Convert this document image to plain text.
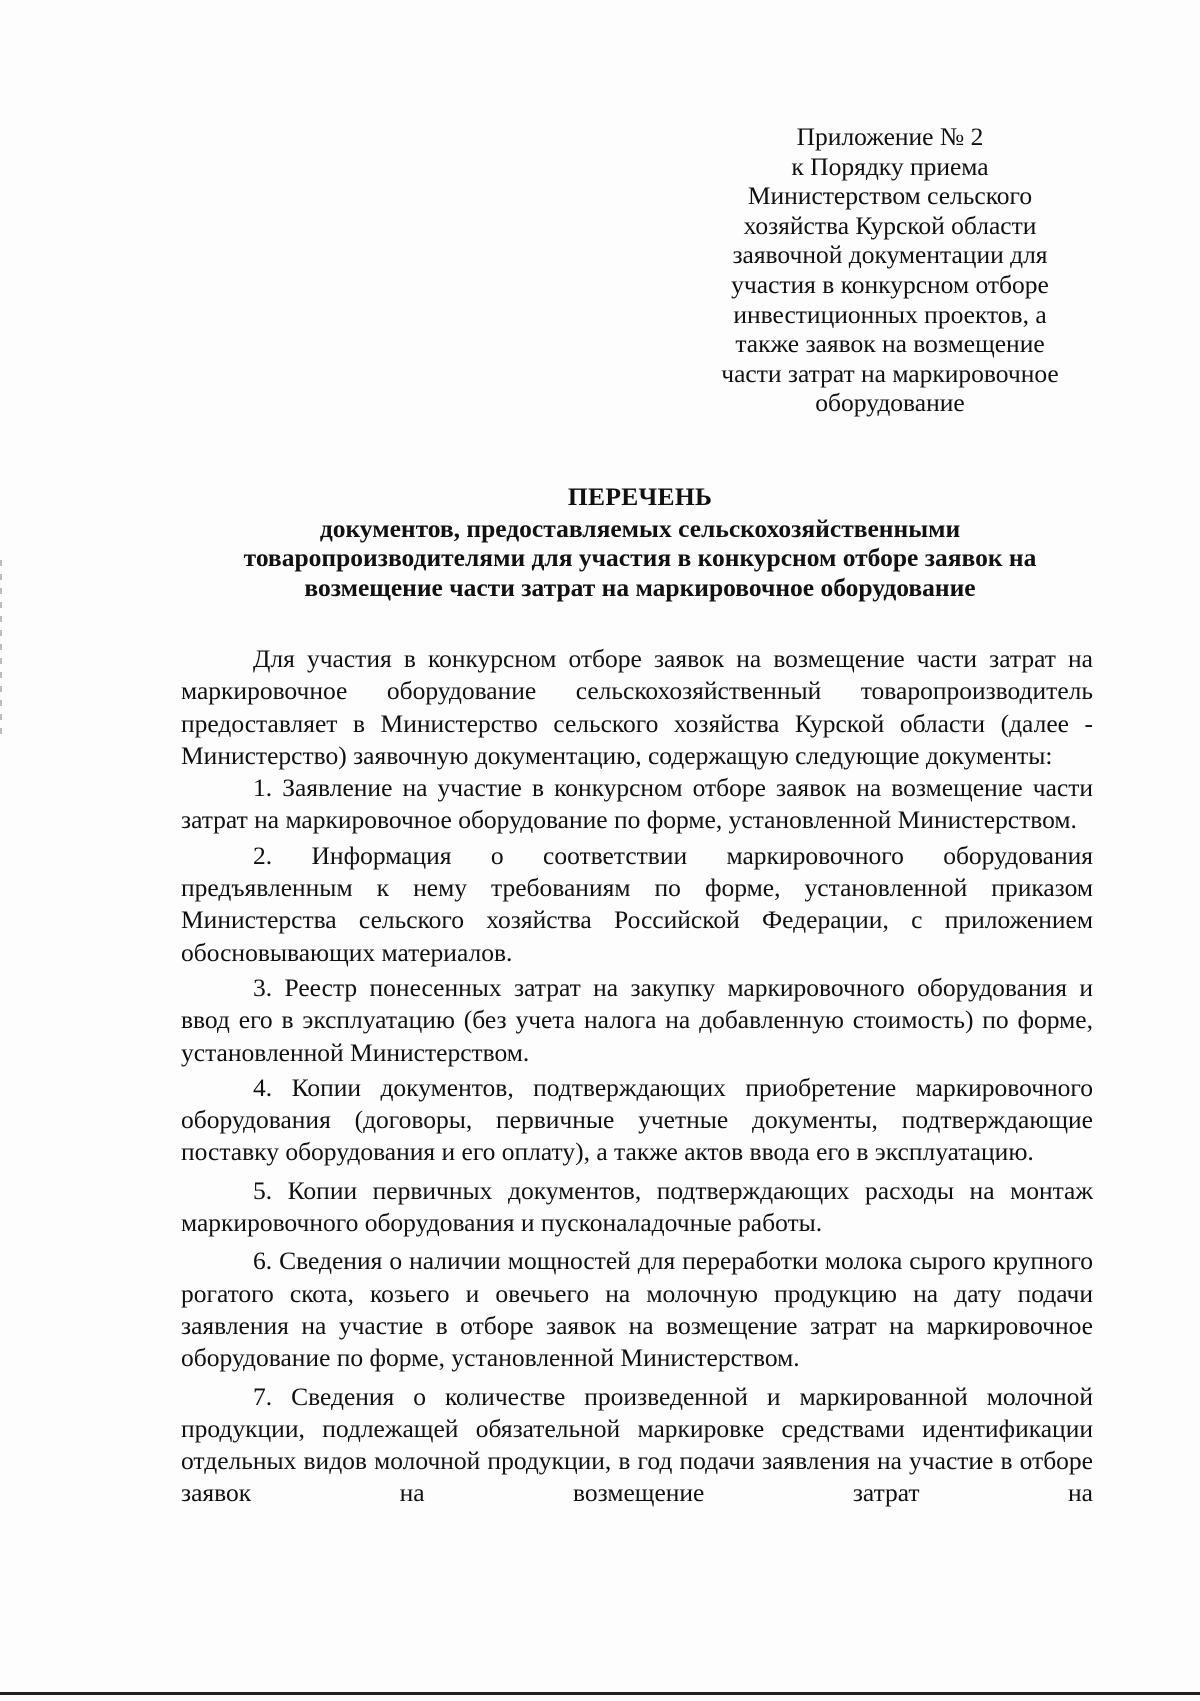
Приложение № 2
к Порядку приема
Министерством сельского
хозяйства Курской области
заявочной документации для
участия в конкурсном отборе
инвестиционных проектов, а
также заявок на возмещение
части затрат на маркировочное
оборудование
ПЕРЕЧЕНЬ
документов, предоставляемых сельскохозяйственными
товаропроизводителями для участия в конкурсном отборе заявок на
возмещение части затрат на маркировочное оборудование

Для участия в конкурсном отборе заявок на возмещение части затрат на маркировочное оборудование сельскохозяйственный товаропроизводитель предоставляет в Министерство сельского хозяйства Курской области (далее - Министерство) заявочную документацию, содержащую следующие документы:

1. Заявление на участие в конкурсном отборе заявок на возмещение части затрат на маркировочное оборудование по форме, установленной Министерством.

2. Информация о соответствии маркировочного оборудования предъявленным к нему требованиям по форме, установленной приказом Министерства сельского хозяйства Российской Федерации, с приложением обосновывающих материалов.

3. Реестр понесенных затрат на закупку маркировочного оборудования и ввод его в эксплуатацию (без учета налога на добавленную стоимость) по форме, установленной Министерством.

4. Копии документов, подтверждающих приобретение маркировочного оборудования (договоры, первичные учетные документы, подтверждающие поставку оборудования и его оплату), а также актов ввода его в эксплуатацию.

5. Копии первичных документов, подтверждающих расходы на монтаж маркировочного оборудования и пусконаладочные работы.

6. Сведения о наличии мощностей для переработки молока сырого крупного рогатого скота, козьего и овечьего на молочную продукцию на дату подачи заявления на участие в отборе заявок на возмещение затрат на маркировочное оборудование по форме, установленной Министерством.

7. Сведения о количестве произведенной и маркированной молочной продукции, подлежащей обязательной маркировке средствами идентификации отдельных видов молочной продукции, в год подачи заявления на участие в отборе заявок на возмещение затрат на
